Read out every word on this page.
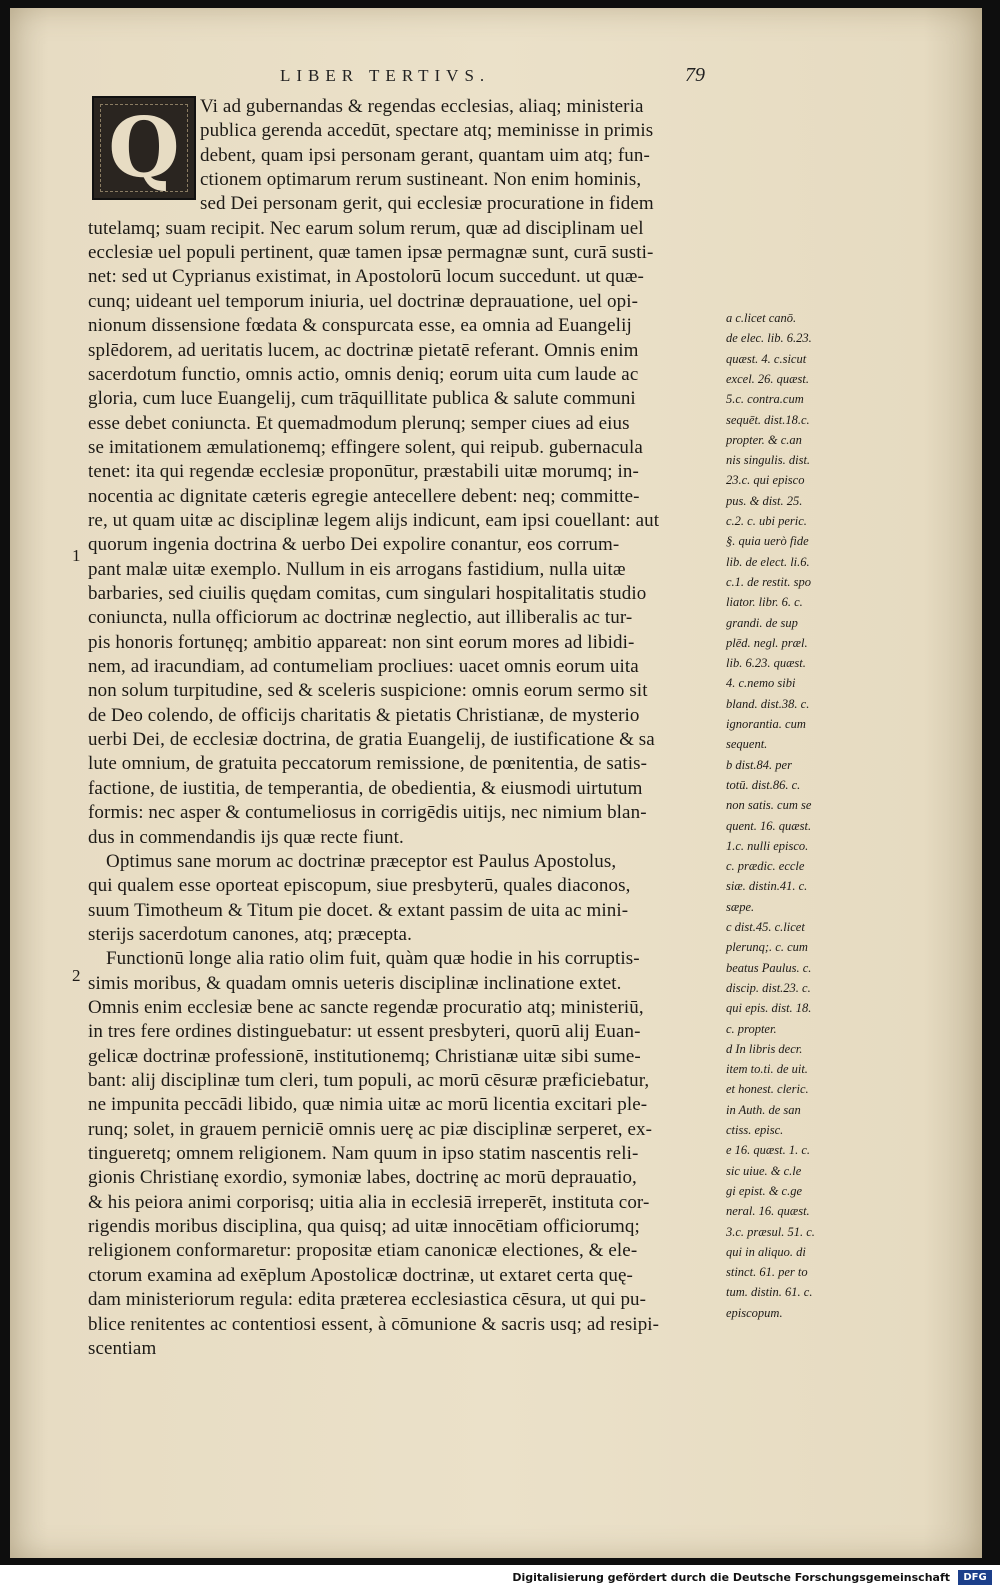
LIBER TERTIVS.	79
Q	Vi ad gubernandas & regendas ecclesias, aliaq; ministeria
publica gerenda accedūt, spectare atq; meminisse in primis
debent, quam ipsi personam gerant, quantam uim atq; fun-
ctionem optimarum rerum sustineant. Non enim hominis,
sed Dei personam gerit, qui ecclesiæ procuratione in fidem
tutelamq; suam recipit. Nec earum solum rerum, quæ ad disciplinam uel
ecclesiæ uel populi pertinent, quæ tamen ipsæ permagnæ sunt, curā susti-
net: sed ut Cyprianus existimat, in Apostolorū locum succedunt. ut quæ-
cunq; uideant uel temporum iniuria, uel doctrinæ deprauatione, uel opi-
nionum dissensione fœdata & conspurcata esse, ea omnia ad Euangelij
splēdorem, ad ueritatis lucem, ac doctrinæ pietatē referant. Omnis enim
sacerdotum functio, omnis actio, omnis deniq; eorum uita cum laude ac
gloria, cum luce Euangelij, cum trāquillitate publica & salute communi
esse debet coniuncta. Et quemadmodum plerunq; semper ciues ad eius
se imitationem æmulationemq; effingere solent, qui reipub. gubernacula
tenet: ita qui regendæ ecclesiæ proponūtur, præstabili uitæ morumq; in-
nocentia ac dignitate cæteris egregie antecellere debent: neq; committe-
re, ut quam uitæ ac disciplinæ legem alijs indicunt, eam ipsi couellant: aut
quorum ingenia doctrina & uerbo Dei expolire conantur, eos corrum-
pant malæ uitæ exemplo. Nullum in eis arrogans fastidium, nulla uitæ
barbaries, sed ciuilis quędam comitas, cum singulari hospitalitatis studio
coniuncta, nulla officiorum ac doctrinæ neglectio, aut illiberalis ac tur-
pis honoris fortunęq; ambitio appareat: non sint eorum mores ad libidi-
nem, ad iracundiam, ad contumeliam procliues: uacet omnis eorum uita
non solum turpitudine, sed & sceleris suspicione: omnis eorum sermo sit
de Deo colendo, de officijs charitatis & pietatis Christianæ, de mysterio
uerbi Dei, de ecclesiæ doctrina, de gratia Euangelij, de iustificatione & sa
lute omnium, de gratuita peccatorum remissione, de pœnitentia, de satis-
factione, de iustitia, de temperantia, de obedientia, & eiusmodi uirtutum
formis: nec asper & contumeliosus in corrigēdis uitijs, nec nimium blan-
dus in commendandis ijs quæ recte fiunt.
Optimus sane morum ac doctrinæ præceptor est Paulus Apostolus,
qui qualem esse oporteat episcopum, siue presbyterū, quales diaconos,
suum Timotheum & Titum pie docet. & extant passim de uita ac mini-
sterijs sacerdotum canones, atq; præcepta.
Functionū longe alia ratio olim fuit, quàm quæ hodie in his corruptis-
simis moribus, & quadam omnis ueteris disciplinæ inclinatione extet.
Omnis enim ecclesiæ bene ac sancte regendæ procuratio atq; ministeriū,
in tres fere ordines distinguebatur: ut essent presbyteri, quorū alij Euan-
gelicæ doctrinæ professionē, institutionemq; Christianæ uitæ sibi sume-
bant: alij disciplinæ tum cleri, tum populi, ac morū cēsuræ præficiebatur,
ne impunita peccādi libido, quæ nimia uitæ ac morū licentia excitari ple-
runq; solet, in grauem perniciē omnis uerę ac piæ disciplinæ serperet, ex-
tingueretq; omnem religionem. Nam quum in ipso statim nascentis reli-
gionis Christianę exordio, symoniæ labes, doctrinę ac morū deprauatio,
& his peiora animi corporisq; uitia alia in ecclesiā irreperēt, instituta cor-
rigendis moribus disciplina, qua quisq; ad uitæ innocētiam officiorumq;
religionem conformaretur: propositæ etiam canonicæ electiones, & ele-
ctorum examina ad exēplum Apostolicæ doctrinæ, ut extaret certa quę-
dam ministeriorum regula: edita præterea ecclesiastica cēsura, ut qui pu-
blice renitentes ac contentiosi essent, à cōmunione & sacris usq; ad resipi-
scentiam
1
2
a c.licet canō.
de elec. lib. 6.23.
quæst. 4. c.sicut
excel. 26. quæst.
5.c. contra.cum
sequēt. dist.18.c.
propter. & c.an
nis singulis. dist.
23.c. qui episco
pus. & dist. 25.
c.2. c. ubi peric.
§. quia uerò fide
lib. de elect. li.6.
c.1. de restit. spo
liator. libr. 6. c.
grandi. de sup
plēd. negl. præl.
lib. 6.23. quæst.
4. c.nemo sibi
bland. dist.38. c.
ignorantia. cum
sequent.
b dist.84. per
totū. dist.86. c.
non satis. cum se
quent. 16. quæst.
1.c. nulli episco.
c. prædic. eccle
siæ. distin.41. c.
sæpe.
c dist.45. c.licet
plerunq;. c. cum
beatus Paulus. c.
discip. dist.23. c.
qui epis. dist. 18.
c. propter.
d In libris decr.
item to.ti. de uit.
et honest. cleric.
in Auth. de san
ctiss. episc.
e 16. quæst. 1. c.
sic uiue. & c.le
gi epist. & c.ge
neral. 16. quæst.
3.c. præsul. 51. c.
qui in aliquo. di
stinct. 61. per to
tum. distin. 61. c.
episcopum.
Digitalisierung gefördert durch die Deutsche Forschungsgemeinschaft	DFG
